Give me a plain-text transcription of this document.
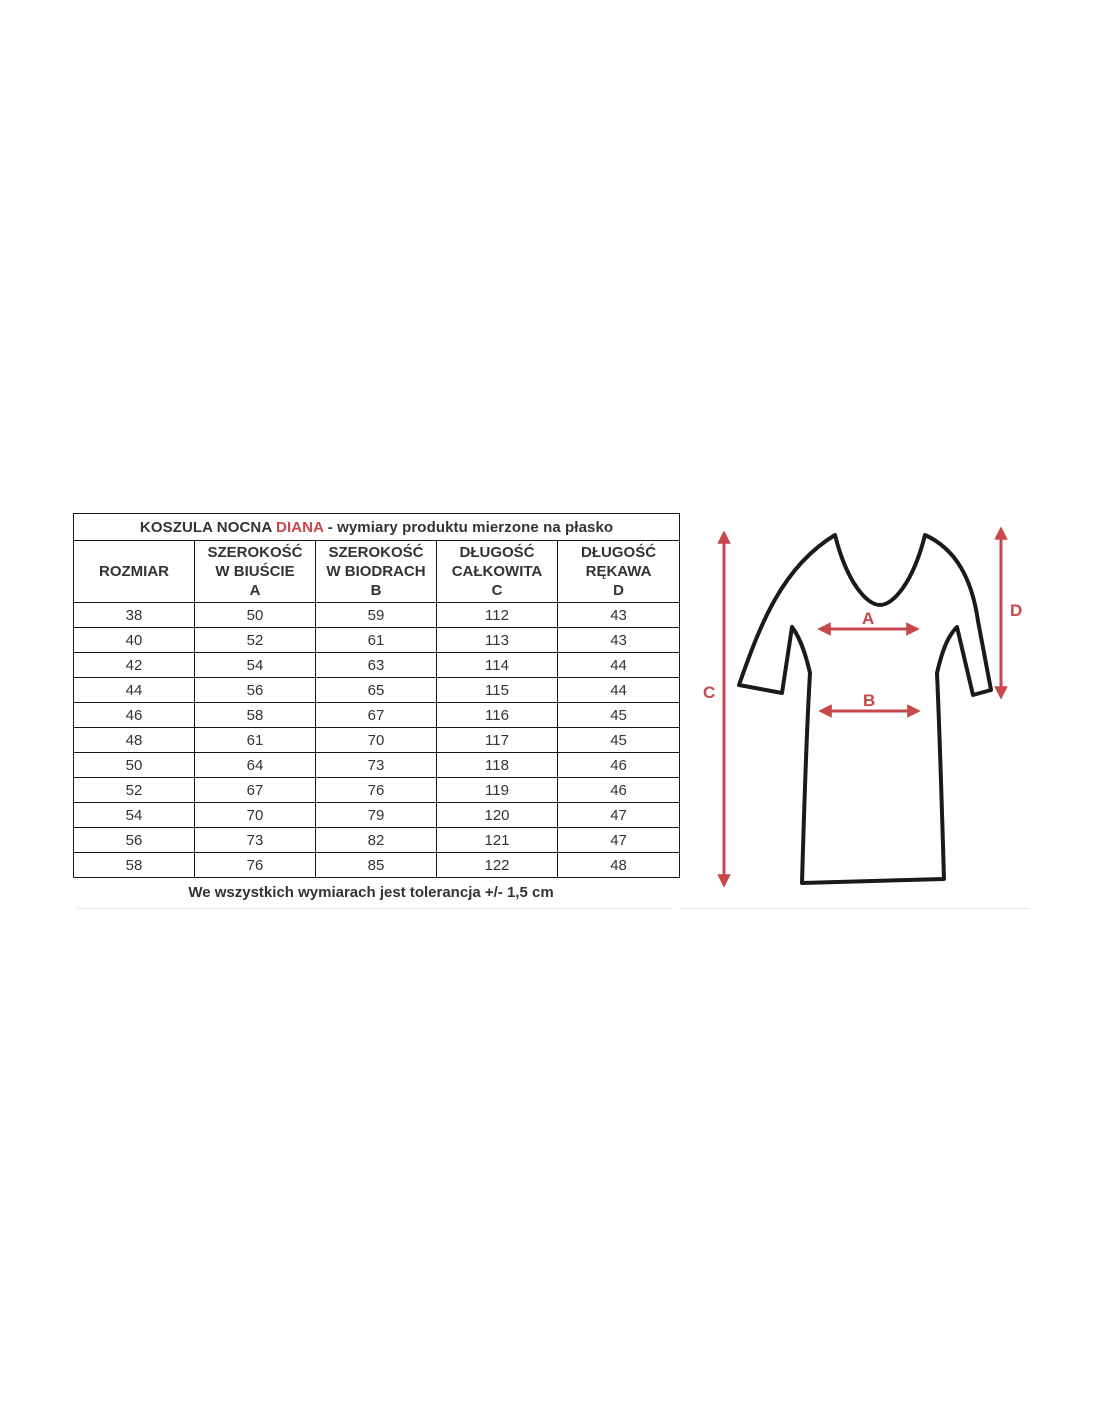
KOSZULA NOCNA DIANA - wymiary produktu mierzone na płasko				

ROZMIAR	SZEROKOŚĆ
W BIUŚCIE
A	SZEROKOŚĆ
W BIODRACH
B	DŁUGOŚĆ
CAŁKOWITA
C	DŁUGOŚĆ
RĘKAWA
D

38	50	59	112	43
40	52	61	113	43
42	54	63	114	44
44	56	65	115	44
46	58	67	116	45
48	61	70	117	45
50	64	73	118	46
52	67	76	119	46
54	70	79	120	47
56	73	82	121	47
58	76	85	122	48
We wszystkich wymiarach jest tolerancja +/- 1,5 cm
A
B
C
D
